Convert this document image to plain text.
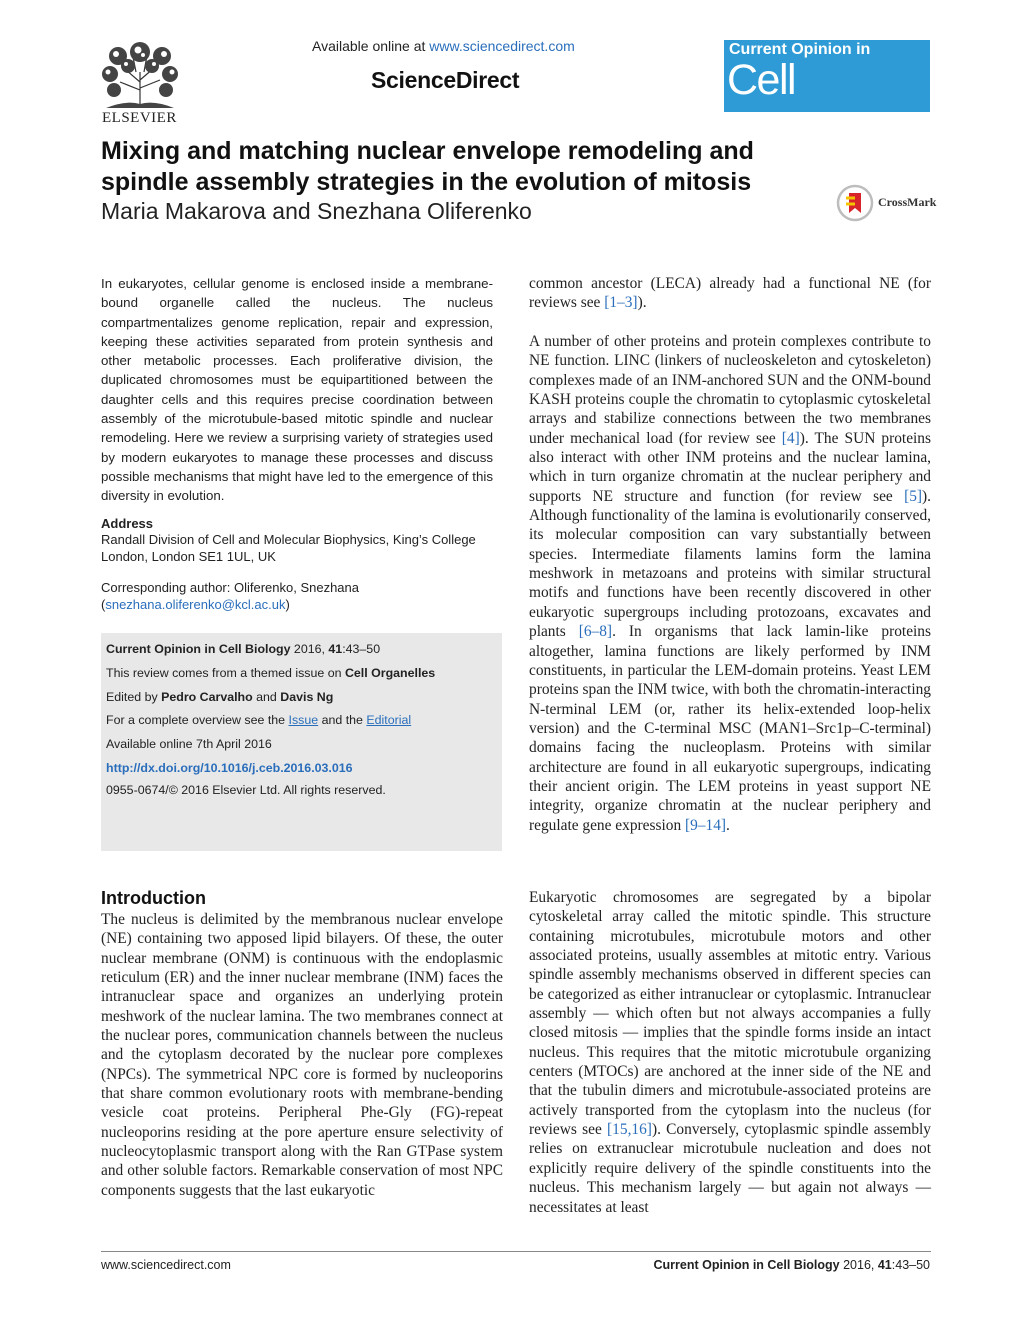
ELSEVIER
Available online at www.sciencedirect.com
ScienceDirect
Current Opinion in
Cell Biology
Mixing and matching nuclear envelope remodeling and spindle assembly strategies in the evolution of mitosis
Maria Makarova and Snezhana Oliferenko	CrossMark

In eukaryotes, cellular genome is enclosed inside a membrane-bound organelle called the nucleus. The nucleus compartmentalizes genome replication, repair and expression, keeping these activities separated from protein synthesis and other metabolic processes. Each proliferative division, the duplicated chromosomes must be equipartitioned between the daughter cells and this requires precise coordination between assembly of the microtubule-based mitotic spindle and nuclear remodeling. Here we review a surprising variety of strategies used by modern eukaryotes to manage these processes and discuss possible mechanisms that might have led to the emergence of this diversity in evolution.

Address
Randall Division of Cell and Molecular Biophysics, King’s College London, London SE1 1UL, UK
Corresponding author: Oliferenko, Snezhana
(snezhana.oliferenko@kcl.ac.uk)
Current Opinion in Cell Biology 2016, 41:43–50
This review comes from a themed issue on Cell Organelles
Edited by Pedro Carvalho and Davis Ng
For a complete overview see the Issue and the Editorial
Available online 7th April 2016
http://dx.doi.org/10.1016/j.ceb.2016.03.016
0955-0674/© 2016 Elsevier Ltd. All rights reserved.
Introduction

The nucleus is delimited by the membranous nuclear envelope (NE) containing two apposed lipid bilayers. Of these, the outer nuclear membrane (ONM) is continuous with the endoplasmic reticulum (ER) and the inner nuclear membrane (INM) faces the intranuclear space and organizes an underlying protein meshwork of the nuclear lamina. The two membranes connect at the nuclear pores, communication channels between the nucleus and the cytoplasm decorated by the nuclear pore complexes (NPCs). The symmetrical NPC core is formed by nucleoporins that share common evolutionary roots with membrane-bending vesicle coat proteins. Peripheral Phe-Gly (FG)-repeat nucleoporins residing at the pore aperture ensure selectivity of nucleocytoplasmic transport along with the Ran GTPase system and other soluble factors. Remarkable conservation of most NPC components suggests that the last eukaryotic

common ancestor (LECA) already had a functional NE (for reviews see [1–3]).

A number of other proteins and protein complexes contribute to NE function. LINC (linkers of nucleoskeleton and cytoskeleton) complexes made of an INM-anchored SUN and the ONM-bound KASH proteins couple the chromatin to cytoplasmic cytoskeletal arrays and stabilize connections between the two membranes under mechanical load (for review see [4]). The SUN proteins also interact with other INM proteins and the nuclear lamina, which in turn organize chromatin at the nuclear periphery and supports NE structure and function (for review see [5]). Although functionality of the lamina is evolutionarily conserved, its molecular composition can vary substantially between species. Intermediate filaments lamins form the lamina meshwork in metazoans and proteins with similar structural motifs and functions have been recently discovered in other eukaryotic supergroups including protozoans, excavates and plants [6–8]. In organisms that lack lamin-like proteins altogether, lamina functions are likely performed by INM constituents, in particular the LEM-domain proteins. Yeast LEM proteins span the INM twice, with both the chromatin-interacting N-terminal LEM (or, rather its helix-extended loop-helix version) and the C-terminal MSC (MAN1–Src1p–C-terminal) domains facing the nucleoplasm. Proteins with similar architecture are found in all eukaryotic supergroups, indicating their ancient origin. The LEM proteins in yeast support NE integrity, organize chromatin at the nuclear periphery and regulate gene expression [9–14].

Eukaryotic chromosomes are segregated by a bipolar cytoskeletal array called the mitotic spindle. This structure containing microtubules, microtubule motors and other associated proteins, usually assembles at mitotic entry. Various spindle assembly mechanisms observed in different species can be categorized as either intranuclear or cytoplasmic. Intranuclear assembly — which often but not always accompanies a fully closed mitosis — implies that the spindle forms inside an intact nucleus. This requires that the mitotic microtubule organizing centers (MTOCs) are anchored at the inner side of the NE and that the tubulin dimers and microtubule-associated proteins are actively transported from the cytoplasm into the nucleus (for reviews see [15,16]). Conversely, cytoplasmic spindle assembly relies on extranuclear microtubule nucleation and does not explicitly require delivery of the spindle constituents into the nucleus. This mechanism largely — but again not always — necessitates at least

www.sciencedirect.com	Current Opinion in Cell Biology 2016, 41:43–50
